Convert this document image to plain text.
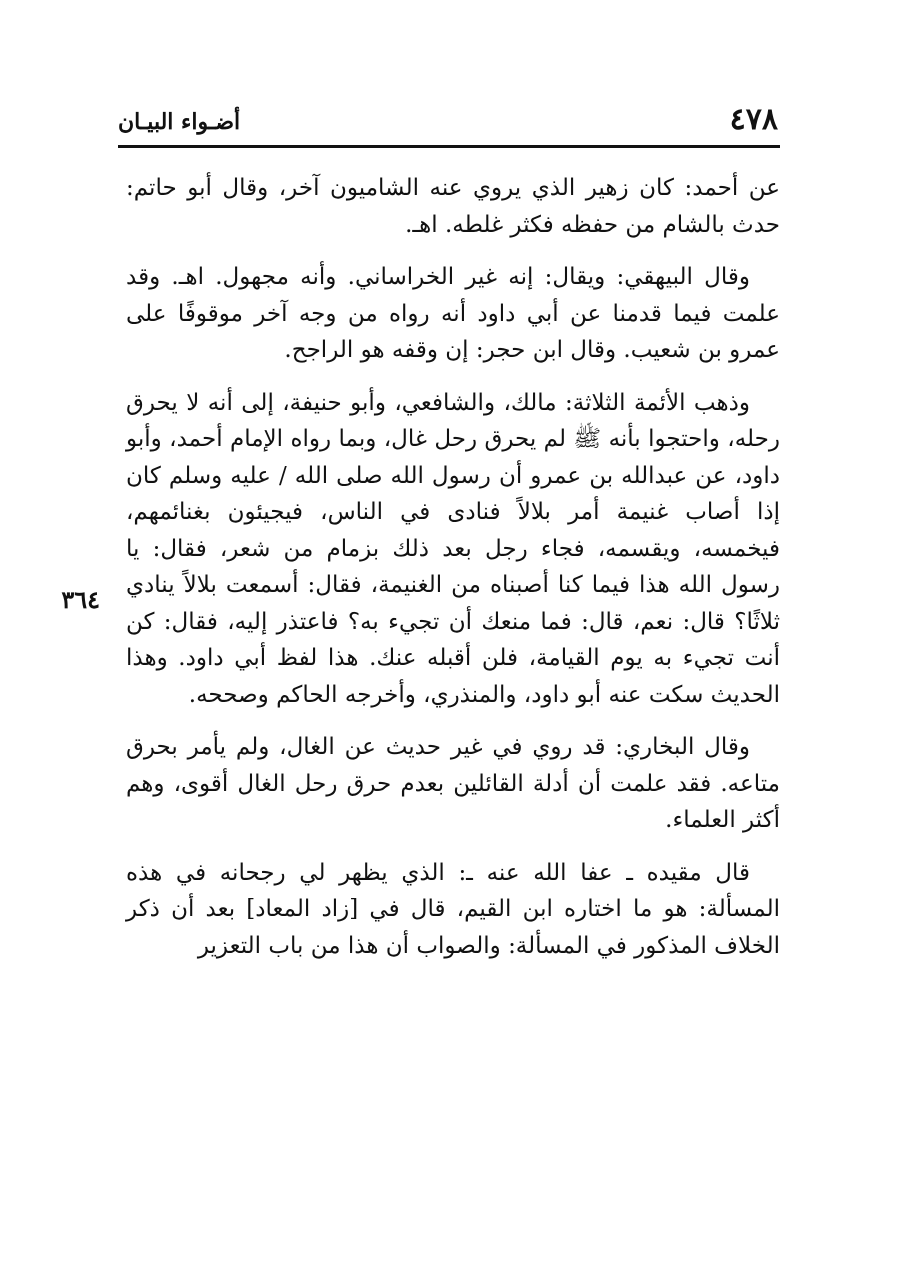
٤٧٨
أضـواء البيـان
٣٦٤

عن أحمد: كان زهير الذي يروي عنه الشاميون آخر، وقال أبو حاتم: حدث بالشام من حفظه فكثر غلطه. اهـ.

وقال البيهقي: ويقال: إنه غير الخراساني. وأنه مجهول. اهـ. وقد علمت فيما قدمنا عن أبي داود أنه رواه من وجه آخر موقوفًا على عمرو بن شعيب. وقال ابن حجر: إن وقفه هو الراجح.

وذهب الأئمة الثلاثة: مالك، والشافعي، وأبو حنيفة، إلى أنه لا يحرق رحله، واحتجوا بأنه ﷺ لم يحرق رحل غال، وبما رواه الإمام أحمد، وأبو داود، عن عبدالله بن عمرو أن رسول الله صلى الله / عليه وسلم كان إذا أصاب غنيمة أمر بلالاً فنادى في الناس، فيجيئون بغنائمهم، فيخمسه، ويقسمه، فجاء رجل بعد ذلك بزمام من شعر، فقال: يا رسول الله هذا فيما كنا أصبناه من الغنيمة، فقال: أسمعت بلالاً ينادي ثلاثًا؟ قال: نعم، قال: فما منعك أن تجيء به؟ فاعتذر إليه، فقال: كن أنت تجيء به يوم القيامة، فلن أقبله عنك. هذا لفظ أبي داود. وهذا الحديث سكت عنه أبو داود، والمنذري، وأخرجه الحاكم وصححه.

وقال البخاري: قد روي في غير حديث عن الغال، ولم يأمر بحرق متاعه. فقد علمت أن أدلة القائلين بعدم حرق رحل الغال أقوى، وهم أكثر العلماء.

قال مقيده ـ عفا الله عنه ـ: الذي يظهر لي رجحانه في هذه المسألة: هو ما اختاره ابن القيم، قال في [زاد المعاد] بعد أن ذكر الخلاف المذكور في المسألة: والصواب أن هذا من باب التعزير
